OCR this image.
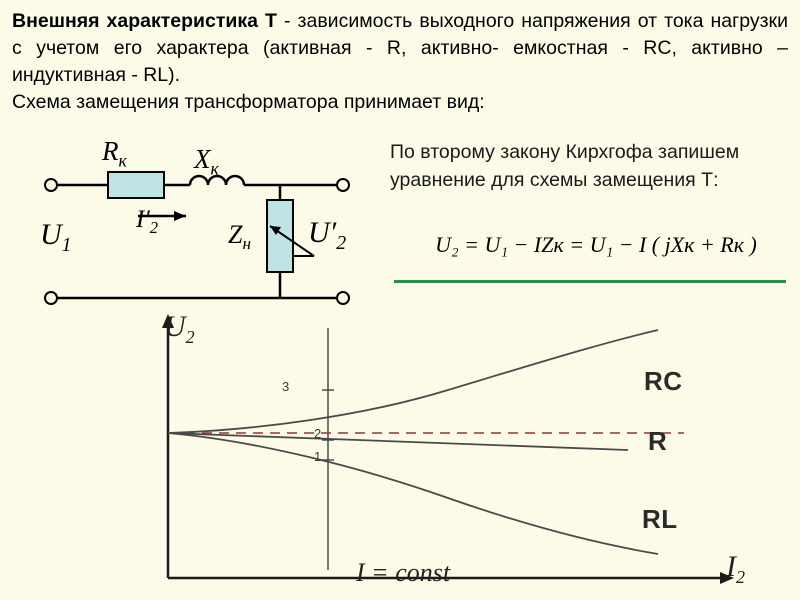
Внешняя характеристика Т - зависимость выходного напряжения от тока нагрузки с учетом его характера (активная - R, активно- емкостная - RC, активно – индуктивная - RL).
Схема замещения трансформатора принимает вид:
$R_к$ $X_к$
$U_1$
$I'_2$	$Z_н$ $U'_2$
По второму закону Кирхгофа запишем уравнение для схемы замещения Т:
U₂ = U₁ − IZк = U₁ − I ( jXк + Rк )
$U_2$
$I_2$
I = const
RC
R
RL
3
2
1
